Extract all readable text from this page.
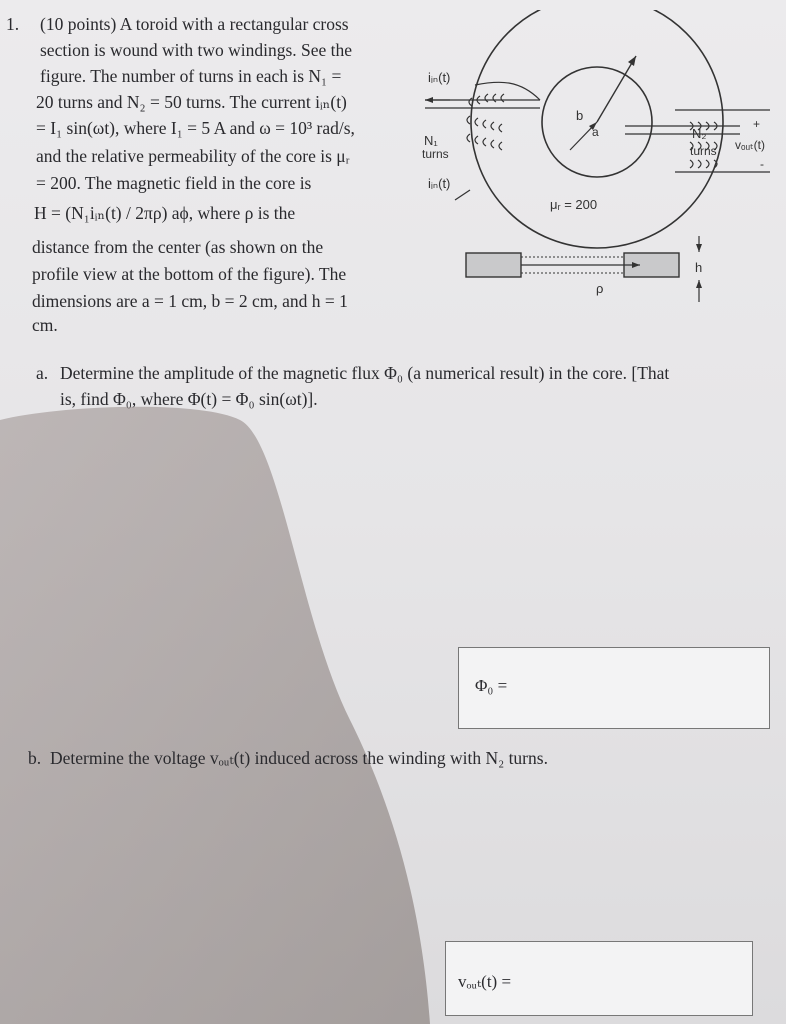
1. (10 points) A toroid with a rectangular cross
section is wound with two windings. See the
figure. The number of turns in each is N₁ =
20 turns and N₂ = 50 turns. The current iᵢₙ(t)
= I₁ sin(ωt), where I₁ = 5 A and ω = 10³ rad/s,
and the relative permeability of the core is μᵣ
= 200. The magnetic field in the core is
H = (N₁iᵢₙ(t) / 2πρ) aϕ, where ρ is the
distance from the center (as shown on the
profile view at the bottom of the figure). The
dimensions are a = 1 cm, b = 2 cm, and h = 1
cm.
b
a
iᵢₙ(t)
N₁
turns
iᵢₙ(t)
+
N₂
turns vₒᵤₜ(t)
-
μᵣ = 200
ρ
h
a. Determine the amplitude of the magnetic flux Φ₀ (a numerical result) in the core. [That
is, find Φ₀, where Φ(t) = Φ₀ sin(ωt)].
Φ₀ =
b. Determine the voltage vₒᵤₜ(t) induced across the winding with N₂ turns.
vₒᵤₜ(t) =
